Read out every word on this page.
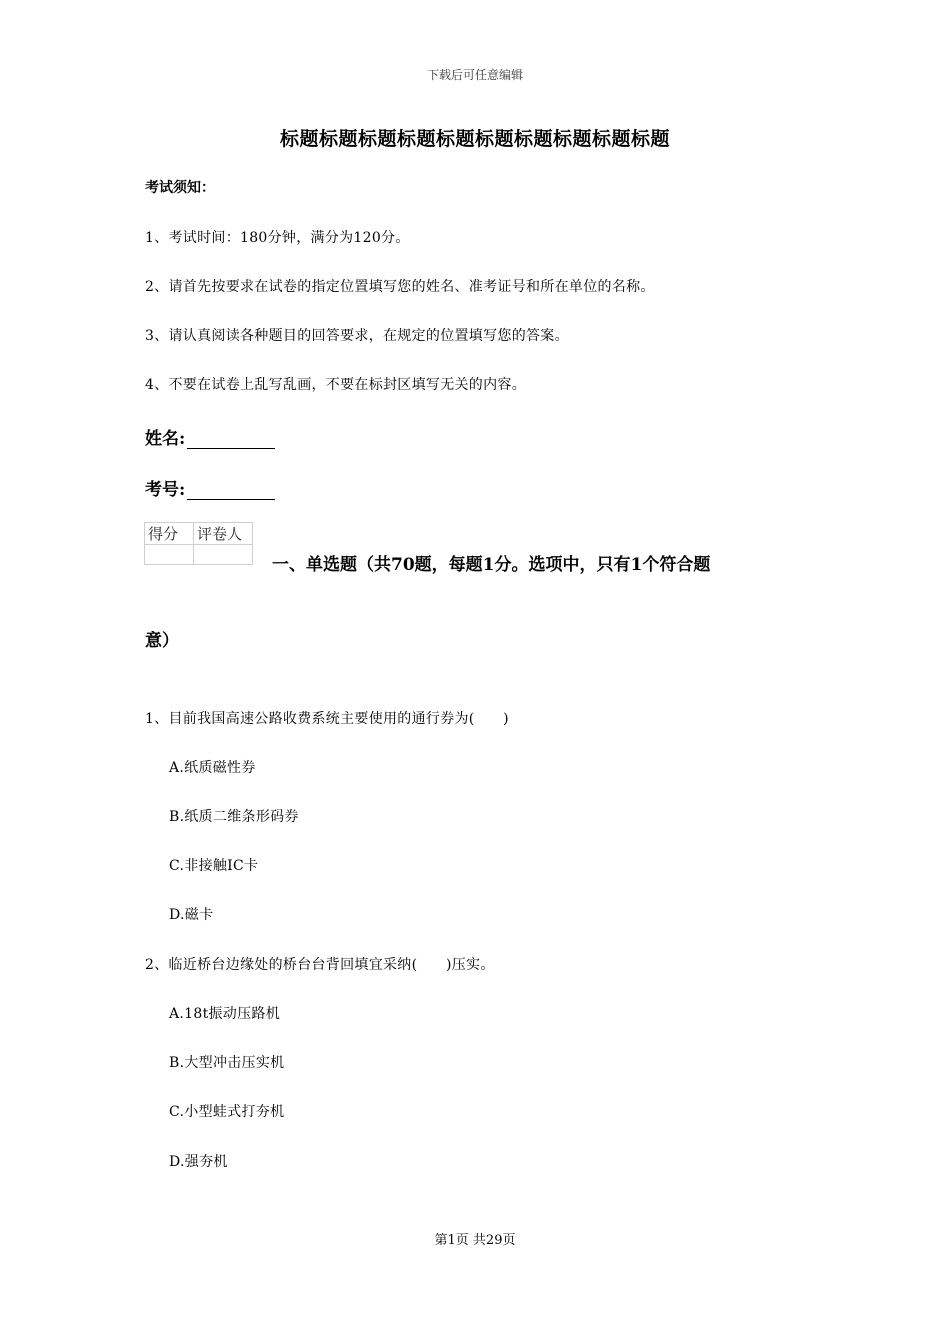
下载后可任意编辑
标题标题标题标题标题标题标题标题标题标题
考试须知：
1、考试时间：180分钟，满分为120分。
2、请首先按要求在试卷的指定位置填写您的姓名、准考证号和所在单位的名称。
3、请认真阅读各种题目的回答要求，在规定的位置填写您的答案。
4、不要在试卷上乱写乱画，不要在标封区填写无关的内容。
姓名:
考号:
得分	评卷人

一、单选题（共70题，每题1分。选项中，只有1个符合题
意）
1、目前我国高速公路收费系统主要使用的通行券为(　　)
A.纸质磁性券
B.纸质二维条形码券
C.非接触IC卡
D.磁卡
2、临近桥台边缘处的桥台台背回填宜采纳(　　)压实。
A.18t振动压路机
B.大型冲击压实机
C.小型蛙式打夯机
D.强夯机
第1页 共29页
